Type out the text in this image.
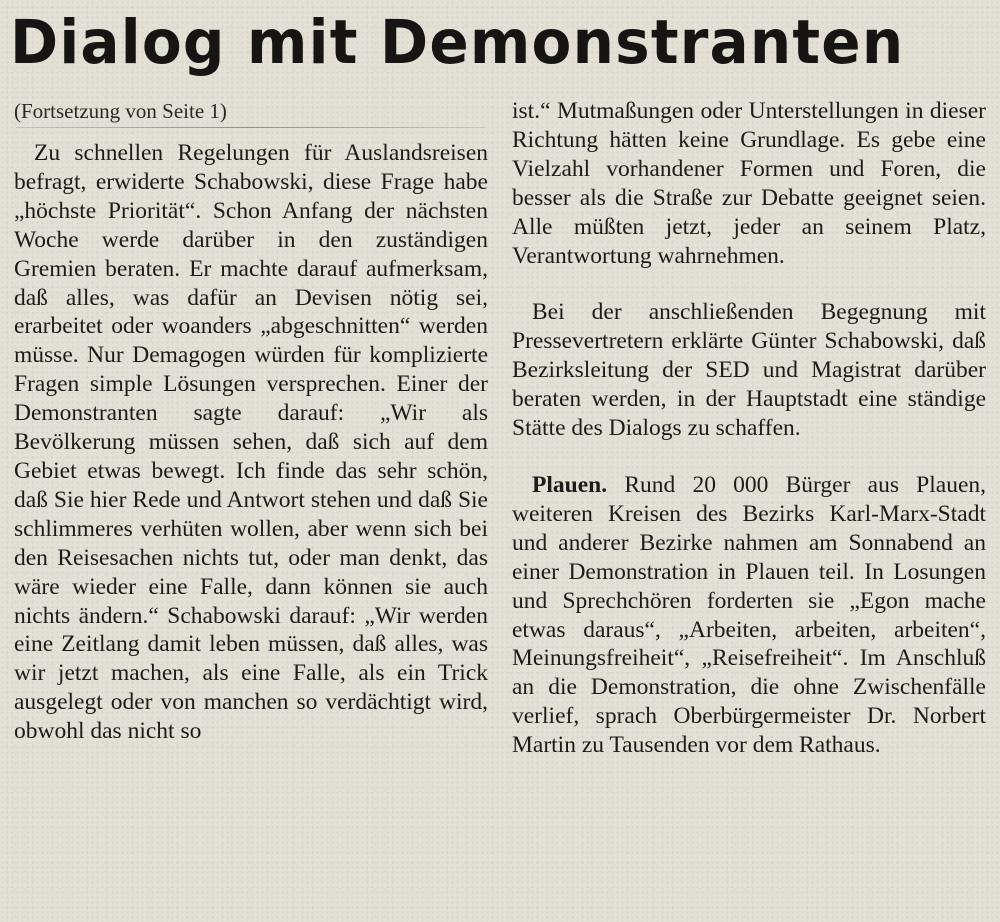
Dialog mit Demonstranten

(Fortsetzung von Seite 1)

Zu schnellen Regelungen für Auslandsreisen befragt, erwiderte Schabowski, diese Frage habe „höchste Priorität“. Schon Anfang der nächsten Woche werde darüber in den zuständigen Gremien beraten. Er machte darauf aufmerksam, daß alles, was dafür an Devisen nötig sei, erarbeitet oder woanders „abgeschnitten“ werden müsse. Nur Demagogen würden für komplizierte Fragen simple Lösungen versprechen. Einer der Demonstranten sagte darauf: „Wir als Bevölkerung müssen sehen, daß sich auf dem Gebiet etwas bewegt. Ich finde das sehr schön, daß Sie hier Rede und Antwort stehen und daß Sie schlimmeres verhüten wollen, aber wenn sich bei den Reisesachen nichts tut, oder man denkt, das wäre wieder eine Falle, dann können sie auch nichts ändern.“ Schabowski darauf: „Wir werden eine Zeitlang damit leben müssen, daß alles, was wir jetzt machen, als eine Falle, als ein Trick ausgelegt oder von manchen so verdächtigt wird, obwohl das nicht so

ist.“ Mutmaßungen oder Unterstellungen in dieser Richtung hätten keine Grundlage. Es gebe eine Vielzahl vorhandener Formen und Foren, die besser als die Straße zur Debatte geeignet seien. Alle müßten jetzt, jeder an seinem Platz, Verantwortung wahrnehmen.

Bei der anschließenden Begegnung mit Pressevertretern erklärte Günter Schabowski, daß Bezirksleitung der SED und Magistrat darüber beraten werden, in der Hauptstadt eine ständige Stätte des Dialogs zu schaffen.

Plauen. Rund 20 000 Bürger aus Plauen, weiteren Kreisen des Bezirks Karl-Marx-Stadt und anderer Bezirke nahmen am Sonnabend an einer Demonstration in Plauen teil. In Losungen und Sprechchören forderten sie „Egon mache etwas daraus“, „Arbeiten, arbeiten, arbeiten“, Meinungsfreiheit“, „Reisefreiheit“. Im Anschluß an die Demonstration, die ohne Zwischenfälle verlief, sprach Oberbürgermeister Dr. Norbert Martin zu Tausenden vor dem Rathaus.
